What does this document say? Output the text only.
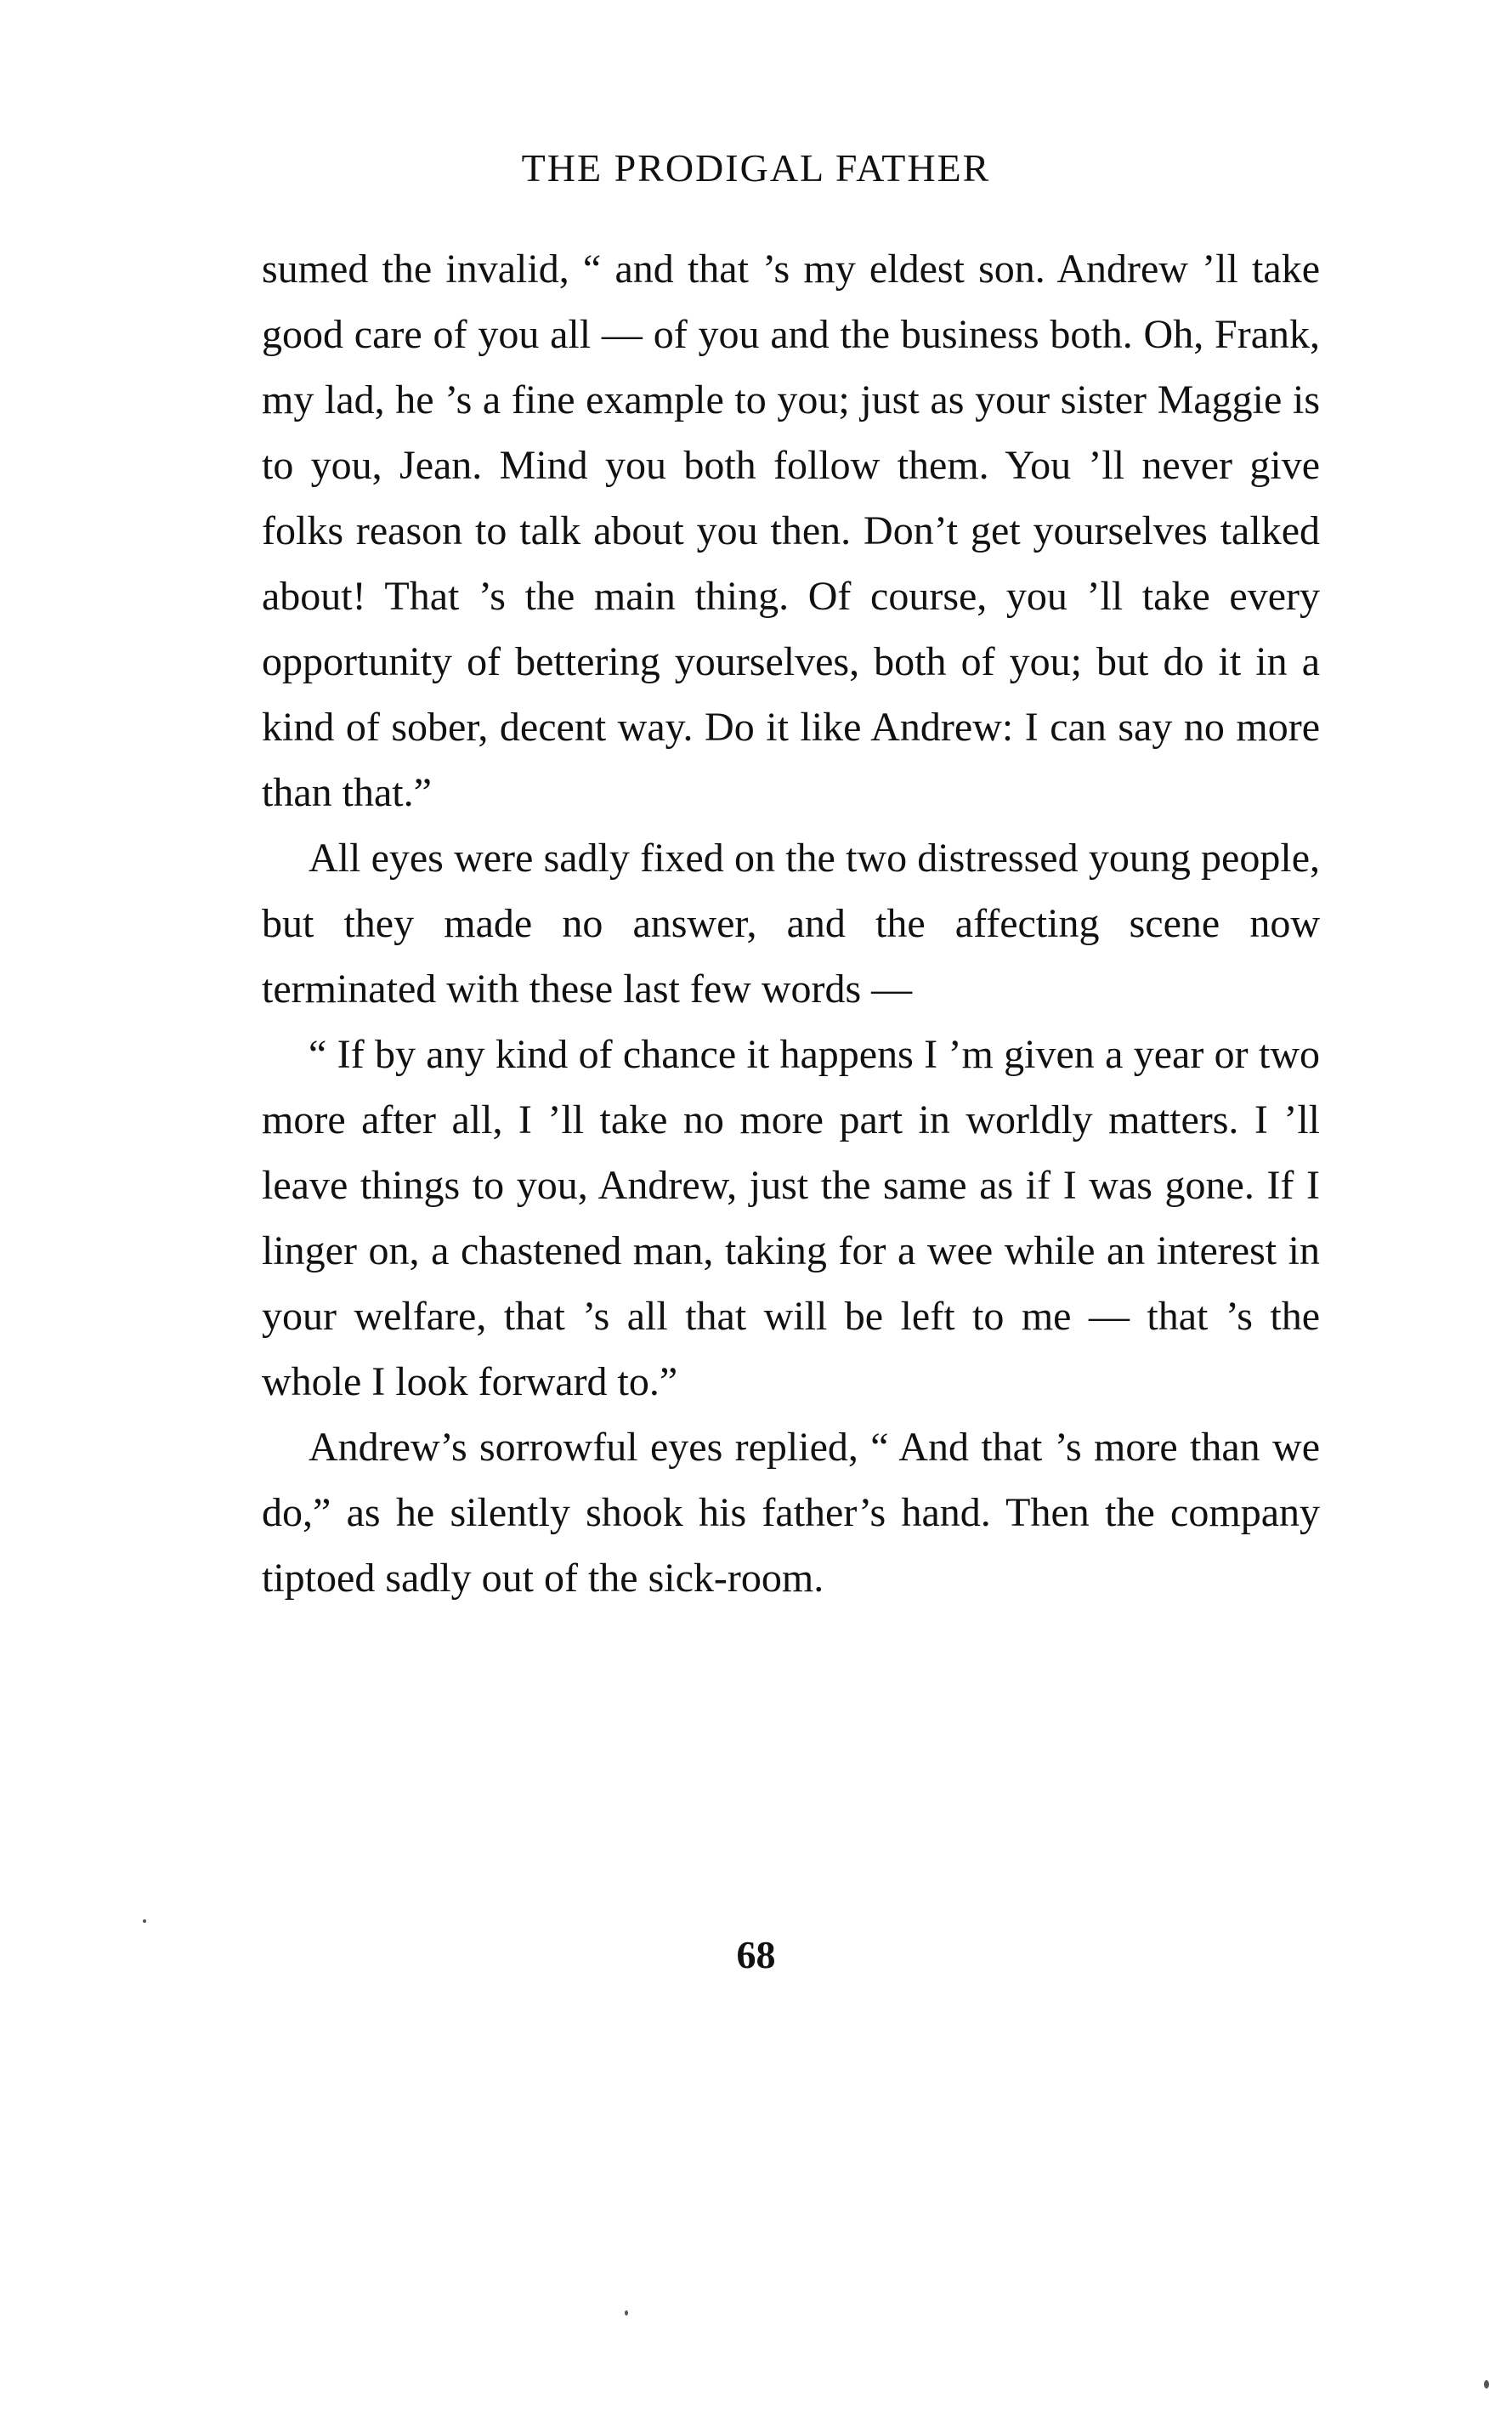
THE PRODIGAL FATHER

sumed the invalid, “ and that ’s my eldest son. Andrew ’ll take good care of you all — of you and the business both. Oh, Frank, my lad, he ’s a fine example to you; just as your sister Maggie is to you, Jean. Mind you both follow them. You ’ll never give folks reason to talk about you then. Don’t get yourselves talked about! That ’s the main thing. Of course, you ’ll take every opportunity of bettering yourselves, both of you; but do it in a kind of sober, decent way. Do it like Andrew: I can say no more than that.”

All eyes were sadly fixed on the two distressed young people, but they made no answer, and the affecting scene now terminated with these last few words —

“ If by any kind of chance it happens I ’m given a year or two more after all, I ’ll take no more part in worldly matters. I ’ll leave things to you, Andrew, just the same as if I was gone. If I linger on, a chastened man, taking for a wee while an interest in your welfare, that ’s all that will be left to me — that ’s the whole I look forward to.”

Andrew’s sorrowful eyes replied, “ And that ’s more than we do,” as he silently shook his father’s hand. Then the company tiptoed sadly out of the sick-room.

68
